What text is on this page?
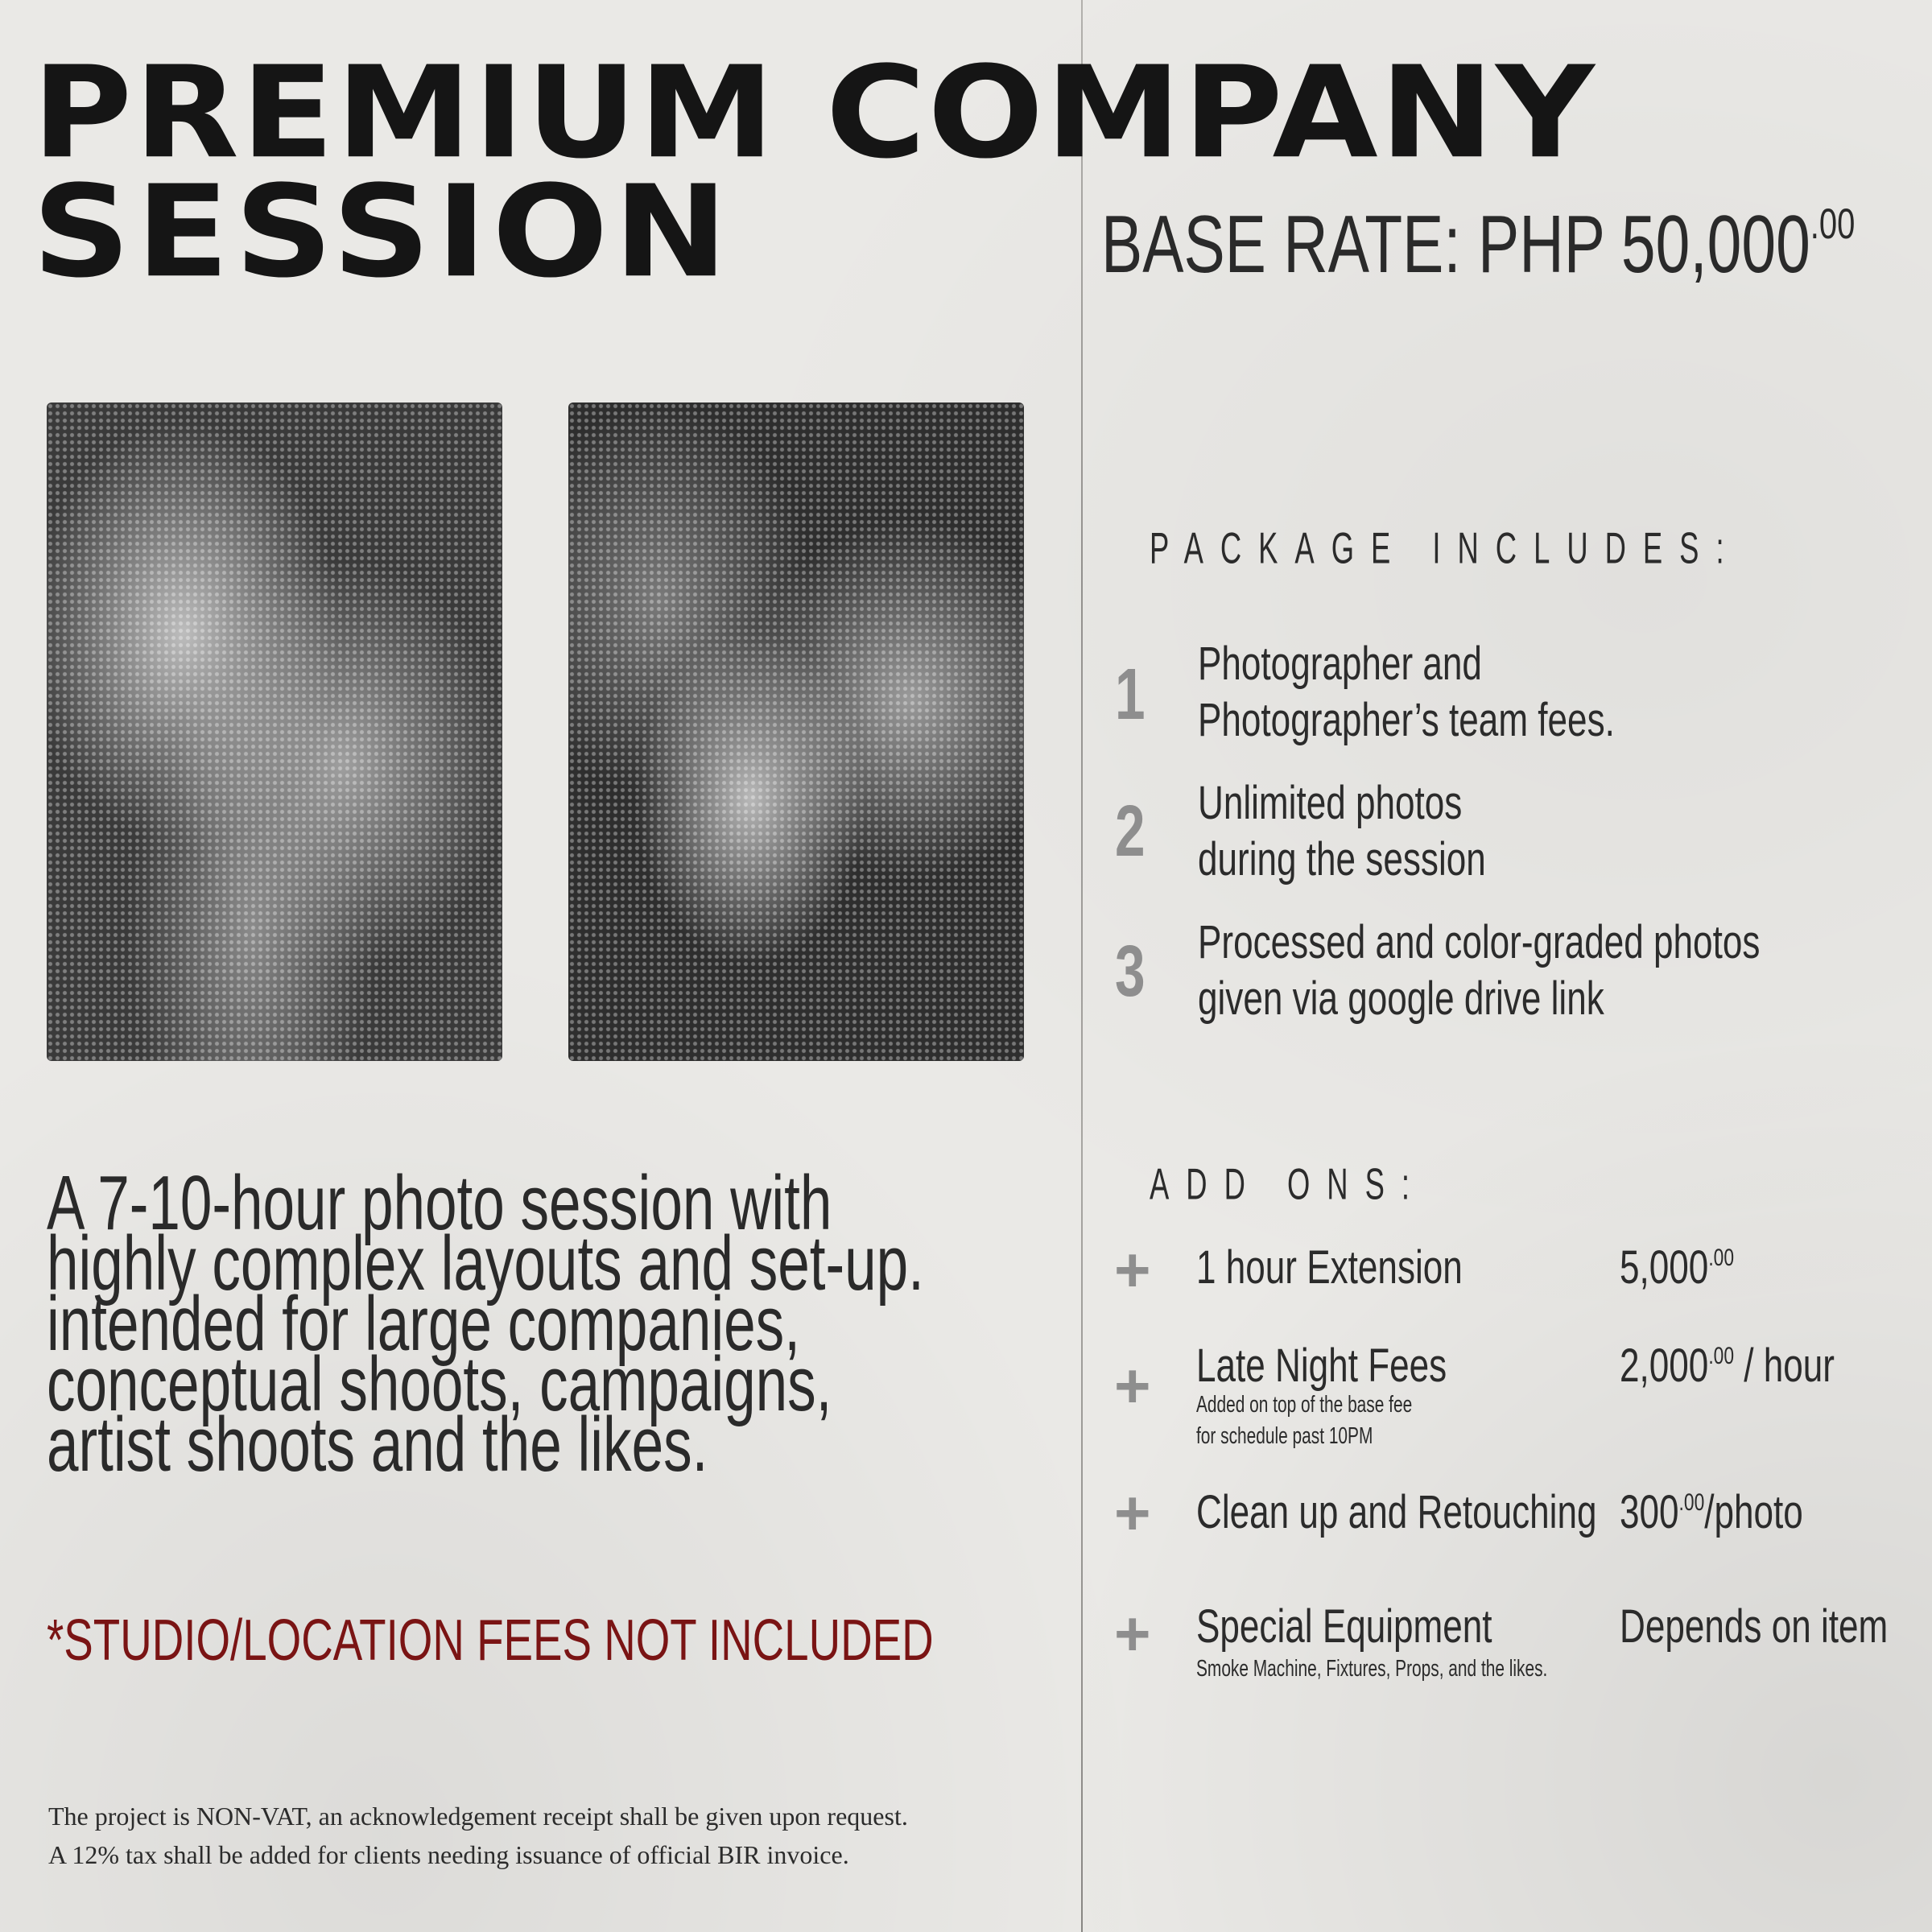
PREMIUM COMPANY
SESSION	BASE RATE: PHP $50,000^{.00}$
PACKAGE INCLUDES:
1 Photographer and
Photographer’s team fees.
2 Unlimited photos
during the session
3 Processed and color-graded photos
given via google drive link
ADD ONS:
+ 1 hour Extension	$5,000^{.00}$
+ Late Night Fees
Added on top of the base fee
for schedule past 10PM
$2,000^{.00}$ / hour
+ Clean up and Retouching $300^{.00}$/photo
+ Special Equipment
Smoke Machine, Fixtures, Props, and the likes.
Depends on item
A 7-10-hour photo session with
highly complex layouts and set-up.
intended for large companies,
conceptual shoots, campaigns,
artist shoots and the likes.
*STUDIO/LOCATION FEES NOT INCLUDED
The project is NON-VAT, an acknowledgement receipt shall be given upon request.
A 12% tax shall be added for clients needing issuance of official BIR invoice.
